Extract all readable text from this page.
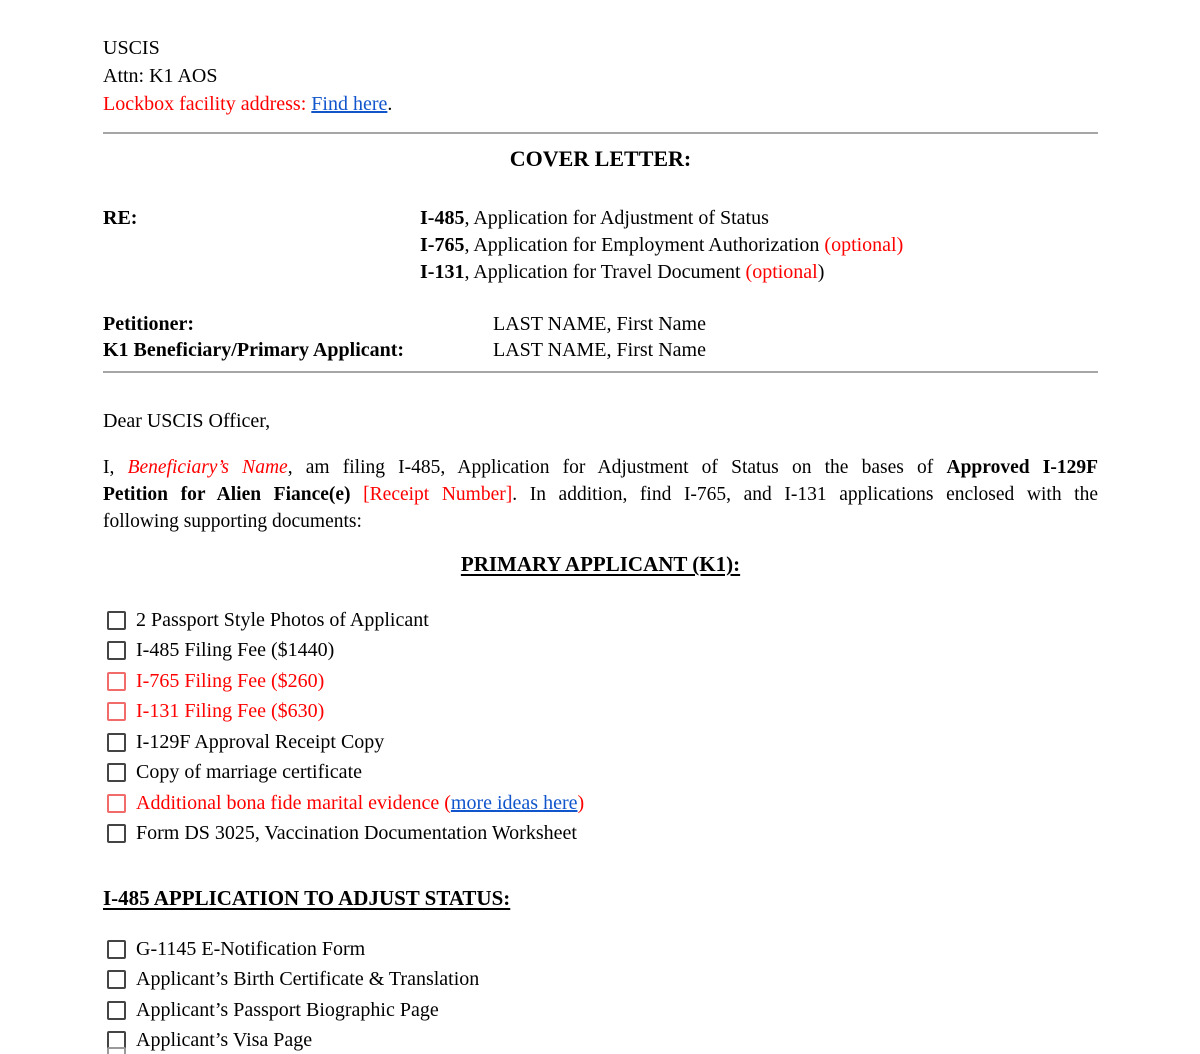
USCIS
Attn: K1 AOS
Lockbox facility address: Find here.
COVER LETTER:
RE:	I-485, Application for Adjustment of Status
I-765, Application for Employment Authorization (optional)
I-131, Application for Travel Document (optional)
Petitioner:	LAST NAME, First Name
K1 Beneficiary/Primary Applicant:	LAST NAME, First Name
Dear USCIS Officer,
I, Beneficiary’s Name, am filing I-485, Application for Adjustment of Status on the bases of Approved I-129F
Petition for Alien Fiance(e) [Receipt Number]. In addition, find I-765, and I-131 applications enclosed with the
following supporting documents:
PRIMARY APPLICANT (K1):
2 Passport Style Photos of Applicant
I-485 Filing Fee ($1440)
I-765 Filing Fee ($260)
I-131 Filing Fee ($630)
I-129F Approval Receipt Copy
Copy of marriage certificate
Additional bona fide marital evidence (more ideas here)
Form DS 3025, Vaccination Documentation Worksheet
I-485 APPLICATION TO ADJUST STATUS:
G-1145 E-Notification Form
Applicant’s Birth Certificate & Translation
Applicant’s Passport Biographic Page
Applicant’s Visa Page
